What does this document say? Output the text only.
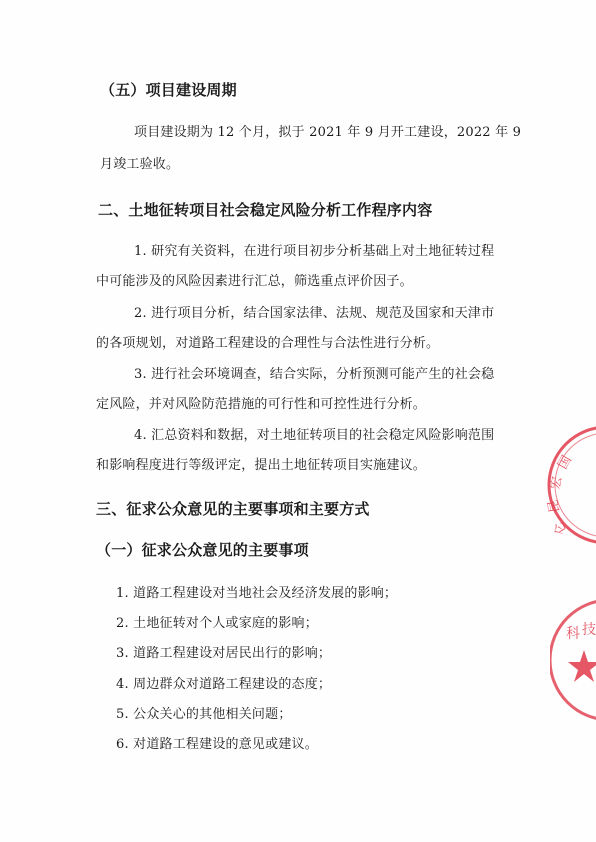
（五）项目建设周期
项目建设期为 12 个月，拟于 2021 年 9 月开工建设，2022 年 9
月竣工验收。
二、土地征转项目社会稳定风险分析工作程序内容
1. 研究有关资料，在进行项目初步分析基础上对土地征转过程
中可能涉及的风险因素进行汇总，筛选重点评价因子。
2. 进行项目分析，结合国家法律、法规、规范及国家和天津市
的各项规划，对道路工程建设的合理性与合法性进行分析。
3. 进行社会环境调查，结合实际，分析预测可能产生的社会稳
定风险，并对风险防范措施的可行性和可控性进行分析。
4. 汇总资料和数据，对土地征转项目的社会稳定风险影响范围
和影响程度进行等级评定，提出土地征转项目实施建议。
三、征求公众意见的主要事项和主要方式
（一）征求公众意见的主要事项
1. 道路工程建设对当地社会及经济发展的影响；
2. 土地征转对个人或家庭的影响；
3. 道路工程建设对居民出行的影响；
4. 周边群众对道路工程建设的态度；
5. 公众关心的其他相关问题；
6. 对道路工程建设的意见或建议。
国
宏
昆
仑
科 技
